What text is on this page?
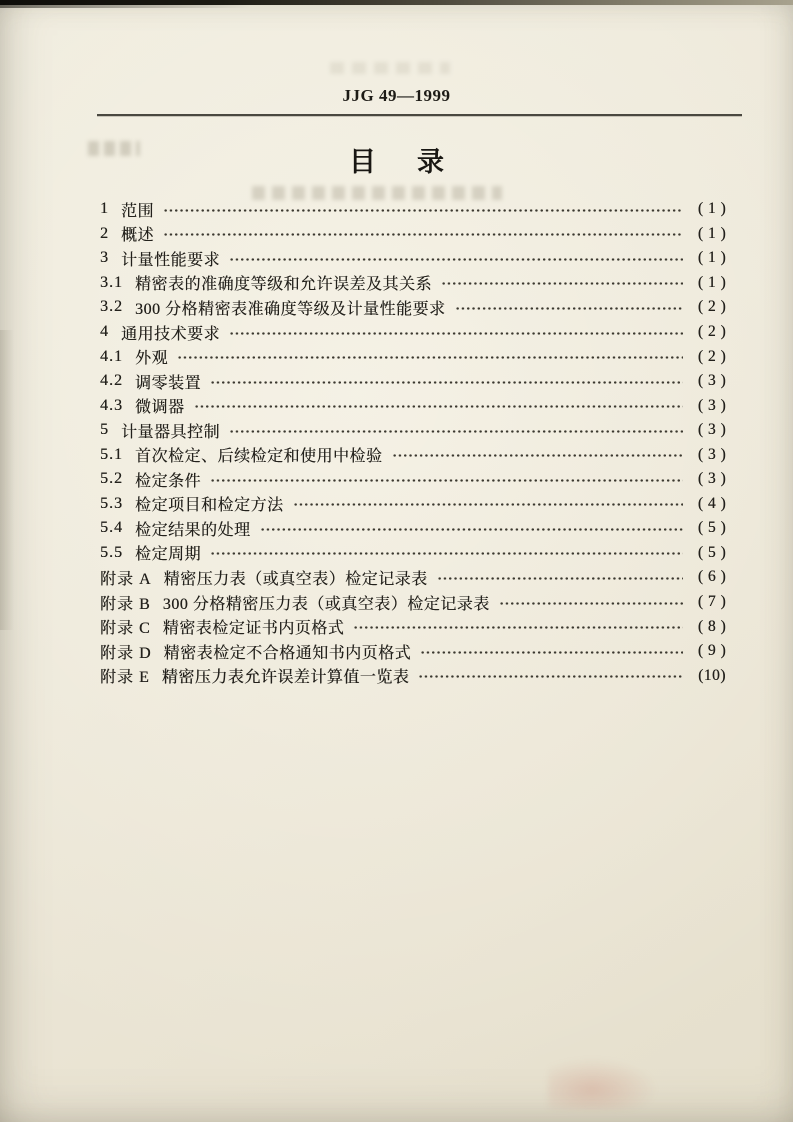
JJG 49—1999
目　录
1 范围	( 1 )
2 概述	( 1 )
3 计量性能要求	( 1 )
3.1 精密表的准确度等级和允许误差及其关系	( 1 )
3.2 300 分格精密表准确度等级及计量性能要求	( 2 )
4 通用技术要求	( 2 )
4.1 外观	( 2 )
4.2 调零装置	( 3 )
4.3 微调器	( 3 )
5 计量器具控制	( 3 )
5.1 首次检定、后续检定和使用中检验	( 3 )
5.2 检定条件	( 3 )
5.3 检定项目和检定方法	( 4 )
5.4 检定结果的处理	( 5 )
5.5 检定周期	( 5 )
附录 A 精密压力表（或真空表）检定记录表	( 6 )
附录 B 300 分格精密压力表（或真空表）检定记录表	( 7 )
附录 C 精密表检定证书内页格式	( 8 )
附录 D 精密表检定不合格通知书内页格式	( 9 )
附录 E 精密压力表允许误差计算值一览表	(10)
